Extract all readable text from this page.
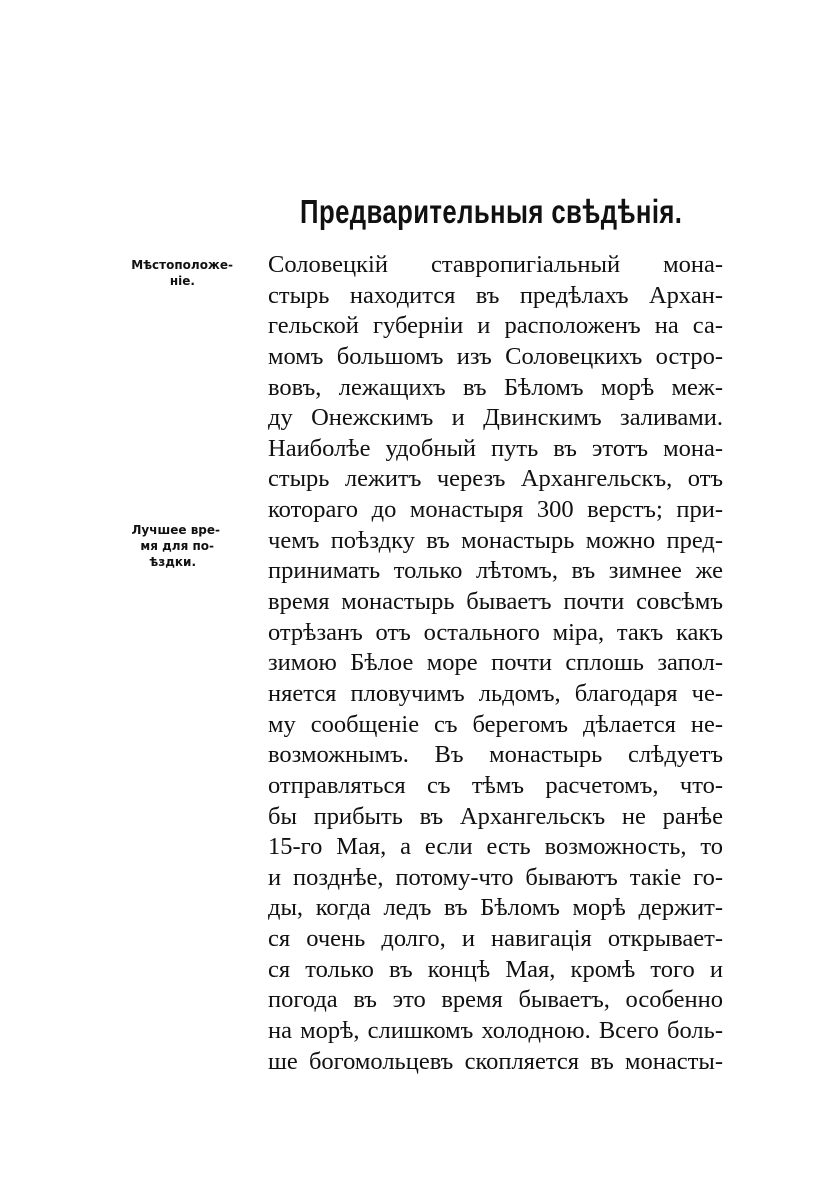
Предварительныя свѣдѣнія.
Мѣстоположе-
ніе.
Лучшее вре-
мя для по-
ѣздки.
Соловецкій ставропигіальный мона-
стырь находится въ предѣлахъ Архан-
гельской губерніи и расположенъ на са-
момъ большомъ изъ Соловецкихъ остро-
вовъ, лежащихъ въ Бѣломъ морѣ меж-
ду Онежскимъ и Двинскимъ заливами.
Наиболѣе удобный путь въ этотъ мона-
стырь лежитъ черезъ Архангельскъ, отъ
котораго до монастыря 300 верстъ; при-
чемъ поѣздку въ монастырь можно пред-
принимать только лѣтомъ, въ зимнее же
время монастырь бываетъ почти совсѣмъ
отрѣзанъ отъ остального міра, такъ какъ
зимою Бѣлое море почти сплошь запол-
няется пловучимъ льдомъ, благодаря че-
му сообщеніе съ берегомъ дѣлается не-
возможнымъ. Въ монастырь слѣдуетъ
отправляться съ тѣмъ расчетомъ, что-
бы прибыть въ Архангельскъ не ранѣе
15-го Мая, а если есть возможность, то
и позднѣе, потому-что бываютъ такіе го-
ды, когда ледъ въ Бѣломъ морѣ держит-
ся очень долго, и навигація открывает-
ся только въ концѣ Мая, кромѣ того и
погода въ это время бываетъ, особенно
на морѣ, слишкомъ холодною. Всего боль-
ше богомольцевъ скопляется въ монасты-
